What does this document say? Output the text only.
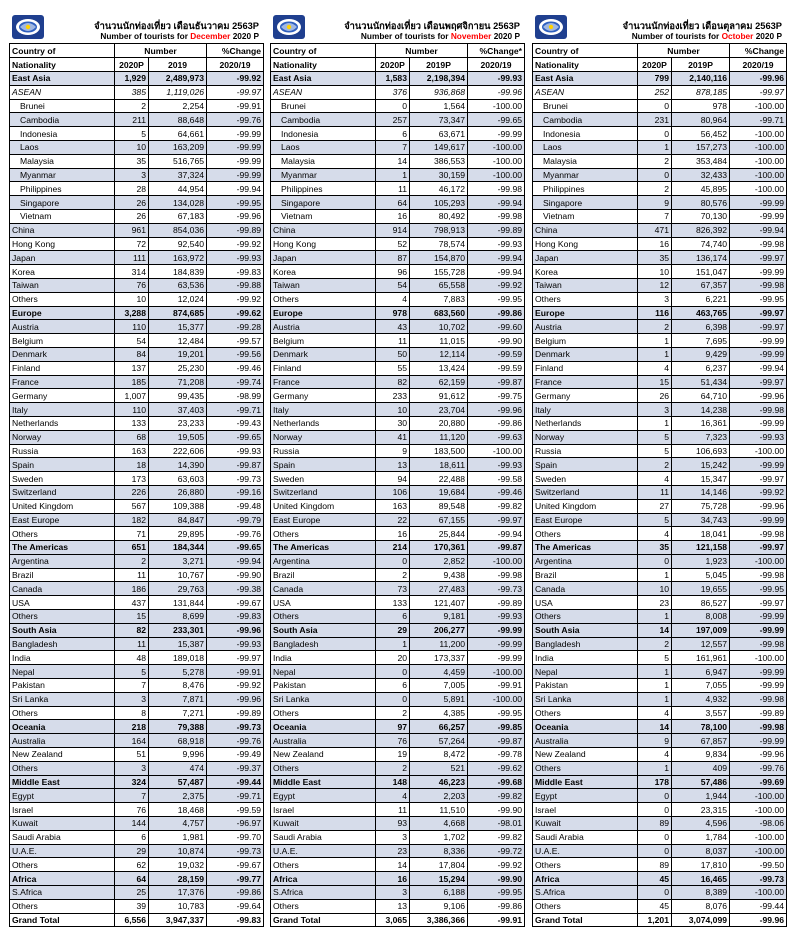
จำนวนนักท่องเที่ยว เดือนธันวาคม 2563P
Number of tourists for December 2020 P
Country of	Number		%Change
Nationality	2020P	2019	2020/19
East Asia	1,929	2,489,973	-99.92
ASEAN	385	1,119,026	-99.97
Brunei	2	2,254	-99.91
Cambodia	211	88,648	-99.76
Indonesia	5	64,661	-99.99
Laos	10	163,209	-99.99
Malaysia	35	516,765	-99.99
Myanmar	3	37,324	-99.99
Philippines	28	44,954	-99.94
Singapore	26	134,028	-99.95
Vietnam	26	67,183	-99.96
China	961	854,036	-99.89
Hong Kong	72	92,540	-99.92
Japan	111	163,972	-99.93
Korea	314	184,839	-99.83
Taiwan	76	63,536	-99.88
Others	10	12,024	-99.92
Europe	3,288	874,685	-99.62
Austria	110	15,377	-99.28
Belgium	54	12,484	-99.57
Denmark	84	19,201	-99.56
Finland	137	25,230	-99.46
France	185	71,208	-99.74
Germany	1,007	99,435	-98.99
Italy	110	37,403	-99.71
Netherlands	133	23,233	-99.43
Norway	68	19,505	-99.65
Russia	163	222,606	-99.93
Spain	18	14,390	-99.87
Sweden	173	63,603	-99.73
Switzerland	226	26,880	-99.16
United Kingdom	567	109,388	-99.48
East Europe	182	84,847	-99.79
Others	71	29,895	-99.76
The Americas	651	184,344	-99.65
Argentina	2	3,271	-99.94
Brazil	11	10,767	-99.90
Canada	186	29,763	-99.38
USA	437	131,844	-99.67
Others	15	8,699	-99.83
South Asia	82	233,301	-99.96
Bangladesh	11	15,387	-99.93
India	48	189,018	-99.97
Nepal	5	5,278	-99.91
Pakistan	7	8,476	-99.92
Sri Lanka	3	7,871	-99.96
Others	8	7,271	-99.89
Oceania	218	79,388	-99.73
Australia	164	68,918	-99.76
New Zealand	51	9,996	-99.49
Others	3	474	-99.37
Middle East	324	57,487	-99.44
Egypt	7	2,375	-99.71
Israel	76	18,468	-99.59
Kuwait	144	4,757	-96.97
Saudi Arabia	6	1,981	-99.70
U.A.E.	29	10,874	-99.73
Others	62	19,032	-99.67
Africa	64	28,159	-99.77
S.Africa	25	17,376	-99.86
Others	39	10,783	-99.64
Grand Total	6,556	3,947,337	-99.83
จำนวนนักท่องเที่ยว เดือนพฤศจิกายน 2563P
Number of tourists for November 2020 P
Country of	Number		%Change*
Nationality	2020P	2019P	2020/19
East Asia	1,583	2,198,394	-99.93
ASEAN	376	936,868	-99.96
Brunei	0	1,564	-100.00
Cambodia	257	73,347	-99.65
Indonesia	6	63,671	-99.99
Laos	7	149,617	-100.00
Malaysia	14	386,553	-100.00
Myanmar	1	30,159	-100.00
Philippines	11	46,172	-99.98
Singapore	64	105,293	-99.94
Vietnam	16	80,492	-99.98
China	914	798,913	-99.89
Hong Kong	52	78,574	-99.93
Japan	87	154,870	-99.94
Korea	96	155,728	-99.94
Taiwan	54	65,558	-99.92
Others	4	7,883	-99.95
Europe	978	683,560	-99.86
Austria	43	10,702	-99.60
Belgium	11	11,015	-99.90
Denmark	50	12,114	-99.59
Finland	55	13,424	-99.59
France	82	62,159	-99.87
Germany	233	91,612	-99.75
Italy	10	23,704	-99.96
Netherlands	30	20,880	-99.86
Norway	41	11,120	-99.63
Russia	9	183,500	-100.00
Spain	13	18,611	-99.93
Sweden	94	22,488	-99.58
Switzerland	106	19,684	-99.46
United Kingdom	163	89,548	-99.82
East Europe	22	67,155	-99.97
Others	16	25,844	-99.94
The Americas	214	170,361	-99.87
Argentina	0	2,852	-100.00
Brazil	2	9,438	-99.98
Canada	73	27,483	-99.73
USA	133	121,407	-99.89
Others	6	9,181	-99.93
South Asia	29	206,277	-99.99
Bangladesh	1	11,200	-99.99
India	20	173,337	-99.99
Nepal	0	4,459	-100.00
Pakistan	6	7,005	-99.91
Sri Lanka	0	5,891	-100.00
Others	2	4,385	-99.95
Oceania	97	66,257	-99.85
Australia	76	57,264	-99.87
New Zealand	19	8,472	-99.78
Others	2	521	-99.62
Middle East	148	46,223	-99.68
Egypt	4	2,203	-99.82
Israel	11	11,510	-99.90
Kuwait	93	4,668	-98.01
Saudi Arabia	3	1,702	-99.82
U.A.E.	23	8,336	-99.72
Others	14	17,804	-99.92
Africa	16	15,294	-99.90
S.Africa	3	6,188	-99.95
Others	13	9,106	-99.86
Grand Total	3,065	3,386,366	-99.91
จำนวนนักท่องเที่ยว เดือนตุลาคม 2563P
Number of tourists for October 2020 P
Country of	Number		%Change
Nationality	2020P	2019P	2020/19
East Asia	799	2,140,116	-99.96
ASEAN	252	878,185	-99.97
Brunei	0	978	-100.00
Cambodia	231	80,964	-99.71
Indonesia	0	56,452	-100.00
Laos	1	157,273	-100.00
Malaysia	2	353,484	-100.00
Myanmar	0	32,433	-100.00
Philippines	2	45,895	-100.00
Singapore	9	80,576	-99.99
Vietnam	7	70,130	-99.99
China	471	826,392	-99.94
Hong Kong	16	74,740	-99.98
Japan	35	136,174	-99.97
Korea	10	151,047	-99.99
Taiwan	12	67,357	-99.98
Others	3	6,221	-99.95
Europe	116	463,765	-99.97
Austria	2	6,398	-99.97
Belgium	1	7,695	-99.99
Denmark	1	9,429	-99.99
Finland	4	6,237	-99.94
France	15	51,434	-99.97
Germany	26	64,710	-99.96
Italy	3	14,238	-99.98
Netherlands	1	16,361	-99.99
Norway	5	7,323	-99.93
Russia	5	106,693	-100.00
Spain	2	15,242	-99.99
Sweden	4	15,347	-99.97
Switzerland	11	14,146	-99.92
United Kingdom	27	75,728	-99.96
East Europe	5	34,743	-99.99
Others	4	18,041	-99.98
The Americas	35	121,158	-99.97
Argentina	0	1,923	-100.00
Brazil	1	5,045	-99.98
Canada	10	19,655	-99.95
USA	23	86,527	-99.97
Others	1	8,008	-99.99
South Asia	14	197,009	-99.99
Bangladesh	2	12,557	-99.98
India	5	161,961	-100.00
Nepal	1	6,947	-99.99
Pakistan	1	7,055	-99.99
Sri Lanka	1	4,932	-99.98
Others	4	3,557	-99.89
Oceania	14	78,100	-99.98
Australia	9	67,857	-99.99
New Zealand	4	9,834	-99.96
Others	1	409	-99.76
Middle East	178	57,486	-99.69
Egypt	0	1,944	-100.00
Israel	0	23,315	-100.00
Kuwait	89	4,596	-98.06
Saudi Arabia	0	1,784	-100.00
U.A.E.	0	8,037	-100.00
Others	89	17,810	-99.50
Africa	45	16,465	-99.73
S.Africa	0	8,389	-100.00
Others	45	8,076	-99.44
Grand Total	1,201	3,074,099	-99.96
